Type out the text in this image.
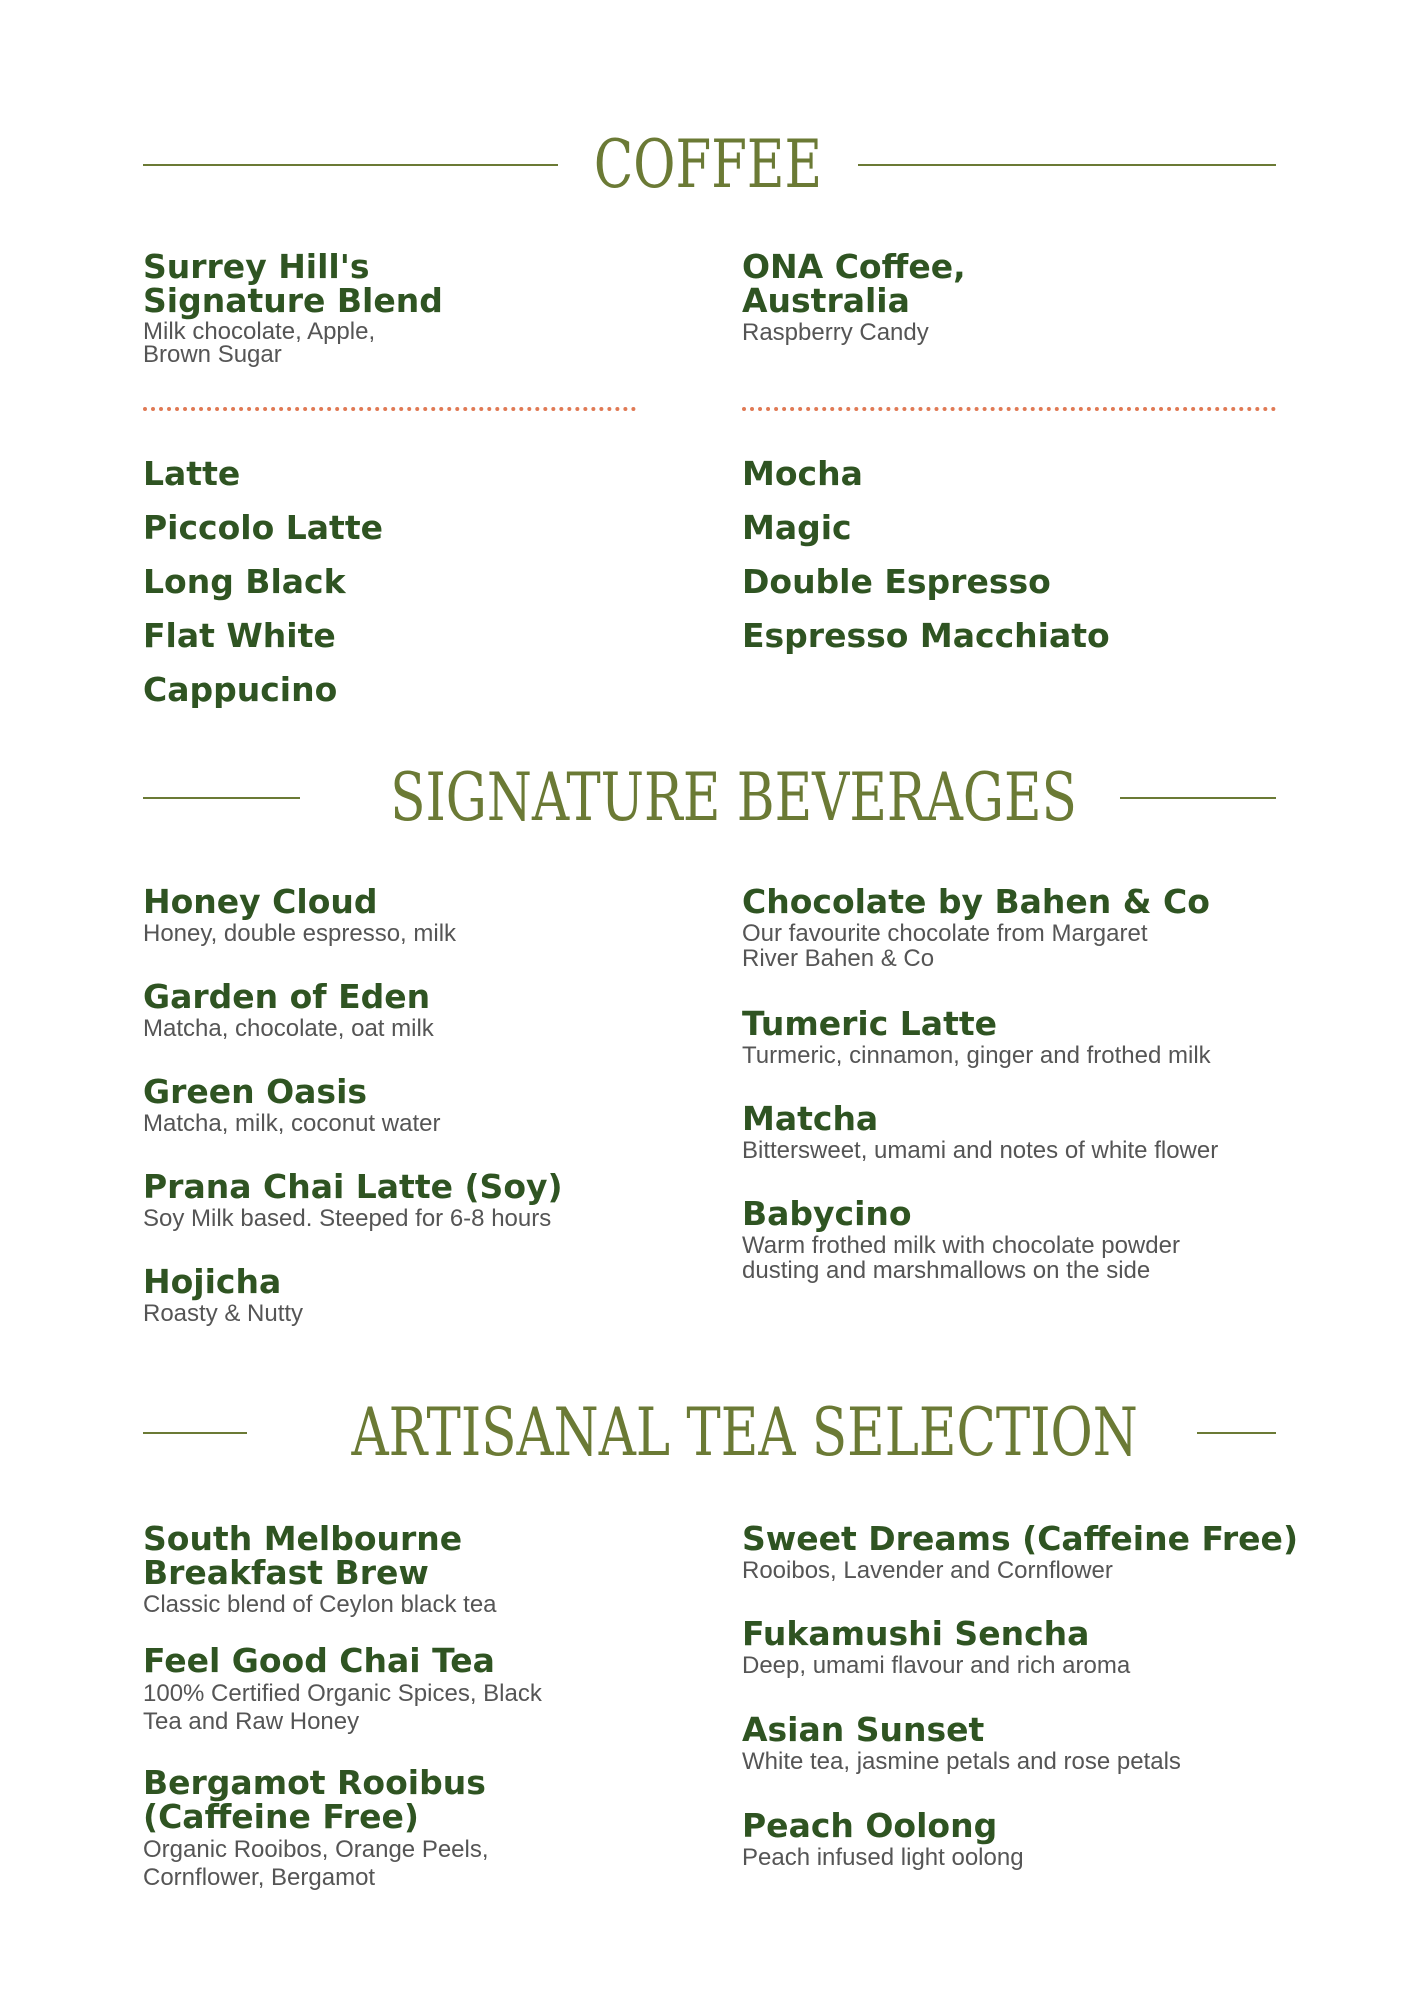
COFFEE

Surrey Hill's
Signature Blend

Milk chocolate, Apple,
Brown Sugar

ONA Coffee,
Australia

Raspberry Candy

Latte

Piccolo Latte

Long Black

Flat White

Cappucino

Mocha

Magic

Double Espresso

Espresso Macchiato

SIGNATURE BEVERAGES

Honey Cloud

Honey, double espresso, milk

Garden of Eden

Matcha, chocolate, oat milk

Green Oasis

Matcha, milk, coconut water

Prana Chai Latte (Soy)

Soy Milk based. Steeped for 6-8 hours

Hojicha

Roasty & Nutty

Chocolate by Bahen & Co

Our favourite chocolate from Margaret
River Bahen & Co

Tumeric Latte

Turmeric, cinnamon, ginger and frothed milk

Matcha

Bittersweet, umami and notes of white flower

Babycino

Warm frothed milk with chocolate powder
dusting and marshmallows on the side

ARTISANAL TEA SELECTION

South Melbourne
Breakfast Brew

Classic blend of Ceylon black tea

Feel Good Chai Tea

100% Certified Organic Spices, Black
Tea and Raw Honey

Bergamot Rooibus
(Caffeine Free)

Organic Rooibos, Orange Peels,
Cornflower, Bergamot

Sweet Dreams (Caffeine Free)

Rooibos, Lavender and Cornflower

Fukamushi Sencha

Deep, umami flavour and rich aroma

Asian Sunset

White tea, jasmine petals and rose petals

Peach Oolong

Peach infused light oolong
